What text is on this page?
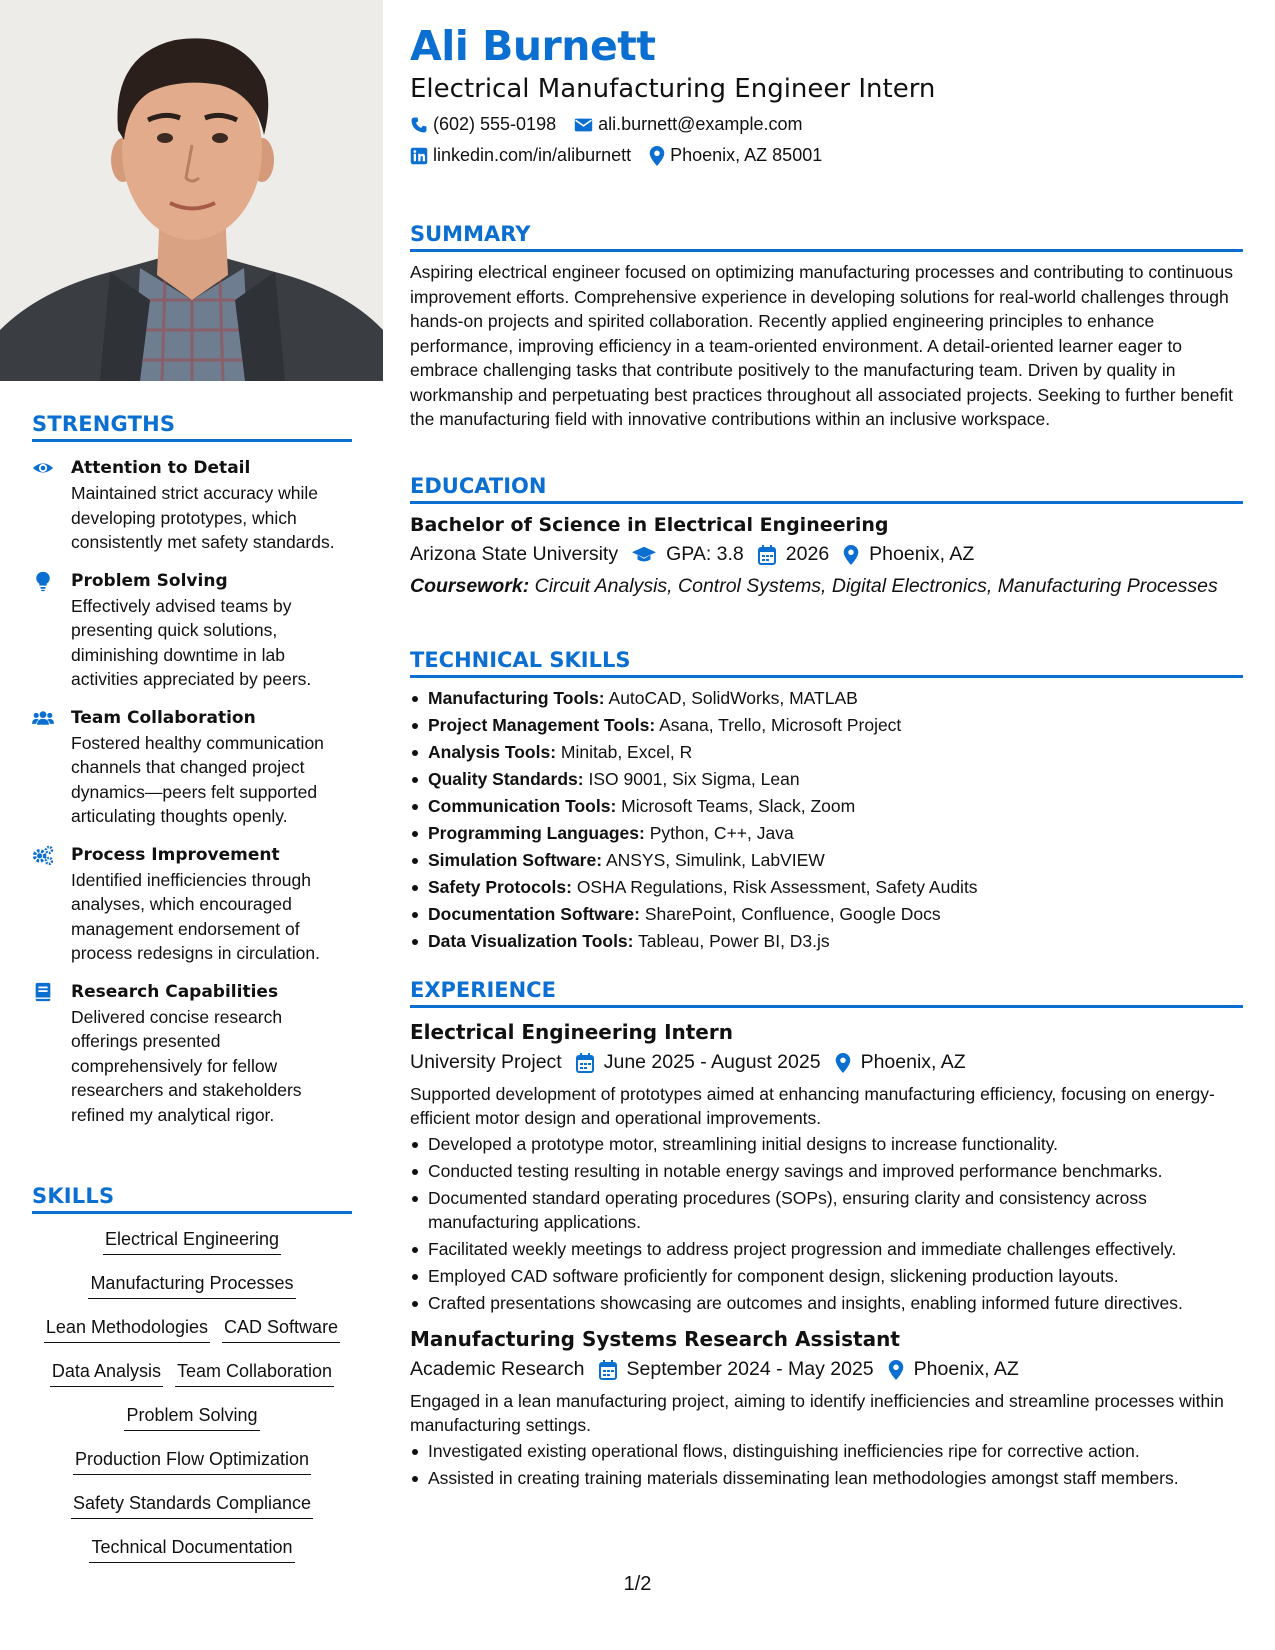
STRENGTHS
Attention to Detail
Maintained strict accuracy while developing prototypes, which consistently met safety standards.
Problem Solving
Effectively advised teams by presenting quick solutions, diminishing downtime in lab activities appreciated by peers.
Team Collaboration
Fostered healthy communication channels that changed project dynamics—peers felt supported articulating thoughts openly.
Process Improvement
Identified inefficiencies through analyses, which encouraged management endorsement of process redesigns in circulation.
Research Capabilities
Delivered concise research offerings presented comprehensively for fellow researchers and stakeholders refined my analytical rigor.
SKILLS
Electrical Engineering
Manufacturing Processes
Lean Methodologies CAD Software
Data Analysis Team Collaboration
Problem Solving
Production Flow Optimization
Safety Standards Compliance
Technical Documentation
Ali Burnett
Electrical Manufacturing Engineer Intern
(602) 555-0198 ali.burnett@example.com
linkedin.com/in/aliburnett Phoenix, AZ 85001
SUMMARY
Aspiring electrical engineer focused on optimizing manufacturing processes and contributing to continuous improvement efforts. Comprehensive experience in developing solutions for real-world challenges through hands-on projects and spirited collaboration. Recently applied engineering principles to enhance performance, improving efficiency in a team-oriented environment. A detail-oriented learner eager to embrace challenging tasks that contribute positively to the manufacturing team. Driven by quality in workmanship and perpetuating best practices throughout all associated projects. Seeking to further benefit the manufacturing field with innovative contributions within an inclusive workspace.
EDUCATION
Bachelor of Science in Electrical Engineering
Arizona State University GPA: 3.8 2026 Phoenix, AZ
Coursework: Circuit Analysis, Control Systems, Digital Electronics, Manufacturing Processes
TECHNICAL SKILLS
Manufacturing Tools: AutoCAD, SolidWorks, MATLAB
Project Management Tools: Asana, Trello, Microsoft Project
Analysis Tools: Minitab, Excel, R
Quality Standards: ISO 9001, Six Sigma, Lean
Communication Tools: Microsoft Teams, Slack, Zoom
Programming Languages: Python, C++, Java
Simulation Software: ANSYS, Simulink, LabVIEW
Safety Protocols: OSHA Regulations, Risk Assessment, Safety Audits
Documentation Software: SharePoint, Confluence, Google Docs
Data Visualization Tools: Tableau, Power BI, D3.js
EXPERIENCE
Electrical Engineering Intern
University Project June 2025 - August 2025 Phoenix, AZ
Supported development of prototypes aimed at enhancing manufacturing efficiency, focusing on energy-efficient motor design and operational improvements.
Developed a prototype motor, streamlining initial designs to increase functionality.
Conducted testing resulting in notable energy savings and improved performance benchmarks.
Documented standard operating procedures (SOPs), ensuring clarity and consistency across manufacturing applications.
Facilitated weekly meetings to address project progression and immediate challenges effectively.
Employed CAD software proficiently for component design, slickening production layouts.
Crafted presentations showcasing are outcomes and insights, enabling informed future directives.
Manufacturing Systems Research Assistant
Academic Research September 2024 - May 2025 Phoenix, AZ
Engaged in a lean manufacturing project, aiming to identify inefficiencies and streamline processes within manufacturing settings.
Investigated existing operational flows, distinguishing inefficiencies ripe for corrective action.
Assisted in creating training materials disseminating lean methodologies amongst staff members.
1/2
